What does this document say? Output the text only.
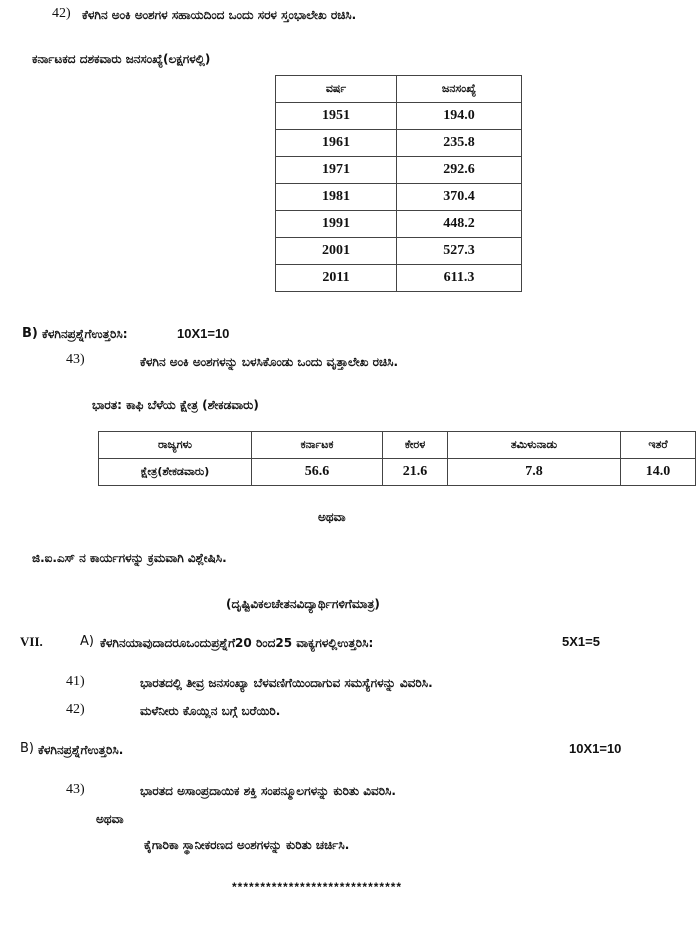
42) ಕೆಳಗಿನ ಅಂಕಿ ಅಂಶಗಳ ಸಹಾಯದಿಂದ ಒಂದು ಸರಳ ಸ್ತಂಭಾಲೇಖ ರಚಿಸಿ.
ಕರ್ನಾಟಕದ ದಶಕವಾರು ಜನಸಂಖ್ಯೆ(ಲಕ್ಷಗಳಲ್ಲಿ)
ವರ್ಷ	ಜನಸಂಖ್ಯೆ
1951	194.0
1961	235.8
1971	292.6
1981	370.4
1991	448.2
2001	527.3
2011	611.3
B) ಕೆಳಗಿನಪ್ರಶ್ನೆಗೆಉತ್ತರಿಸಿ:	10X1=10
43)	ಕೆಳಗಿನ ಅಂಕಿ ಅಂಶಗಳನ್ನು ಬಳಸಿಕೊಂಡು ಒಂದು ವೃತ್ತಾಲೇಖ ರಚಿಸಿ.
ಭಾರತ: ಕಾಫಿ ಬೆಳೆಯ ಕ್ಷೇತ್ರ (ಶೇಕಡವಾರು)
ರಾಜ್ಯಗಳು	ಕರ್ನಾಟಕ	ಕೇರಳ	ತಮಿಳುನಾಡು	ಇತರೆ
ಕ್ಷೇತ್ರ(ಶೇಕಡವಾರು)	56.6	21.6	7.8	14.0
ಅಥವಾ
ಜಿ.ಐ.ಎಸ್ ನ ಕಾರ್ಯಗಳನ್ನು ಕ್ರಮವಾಗಿ ವಿಶ್ಲೇಷಿಸಿ.
(ದೃಷ್ಟಿವಿಕಲಚೇತನವಿದ್ಯಾರ್ಥಿಗಳಿಗೆಮಾತ್ರ)
VII.	A) ಕೆಳಗಿನಯಾವುದಾದರೂಒಂದುಪ್ರಶ್ನೆಗೆ20 ರಿಂದ25 ವಾಕ್ಯಗಳಲ್ಲಿಉತ್ತರಿಸಿ:	5X1=5
41)	ಭಾರತದಲ್ಲಿ ತೀವ್ರ ಜನಸಂಖ್ಯಾ ಬೆಳವಣಿಗೆಯಿಂದಾಗುವ ಸಮಸ್ಯೆಗಳನ್ನು ವಿವರಿಸಿ.
42)	ಮಳೆನೀರು ಕೊಯ್ಲಿನ ಬಗ್ಗೆ ಬರೆಯಿರಿ.
B) ಕೆಳಗಿನಪ್ರಶ್ನೆಗೆಉತ್ತರಿಸಿ.	10X1=10
43)	ಭಾರತದ ಅಸಾಂಪ್ರದಾಯಿಕ ಶಕ್ತಿ ಸಂಪನ್ಮೂಲಗಳನ್ನು ಕುರಿತು ವಿವರಿಸಿ.
ಅಥವಾ
ಕೈಗಾರಿಕಾ ಸ್ಥಾನೀಕರಣದ ಅಂಶಗಳನ್ನು ಕುರಿತು ಚರ್ಚಿಸಿ.
******************************
